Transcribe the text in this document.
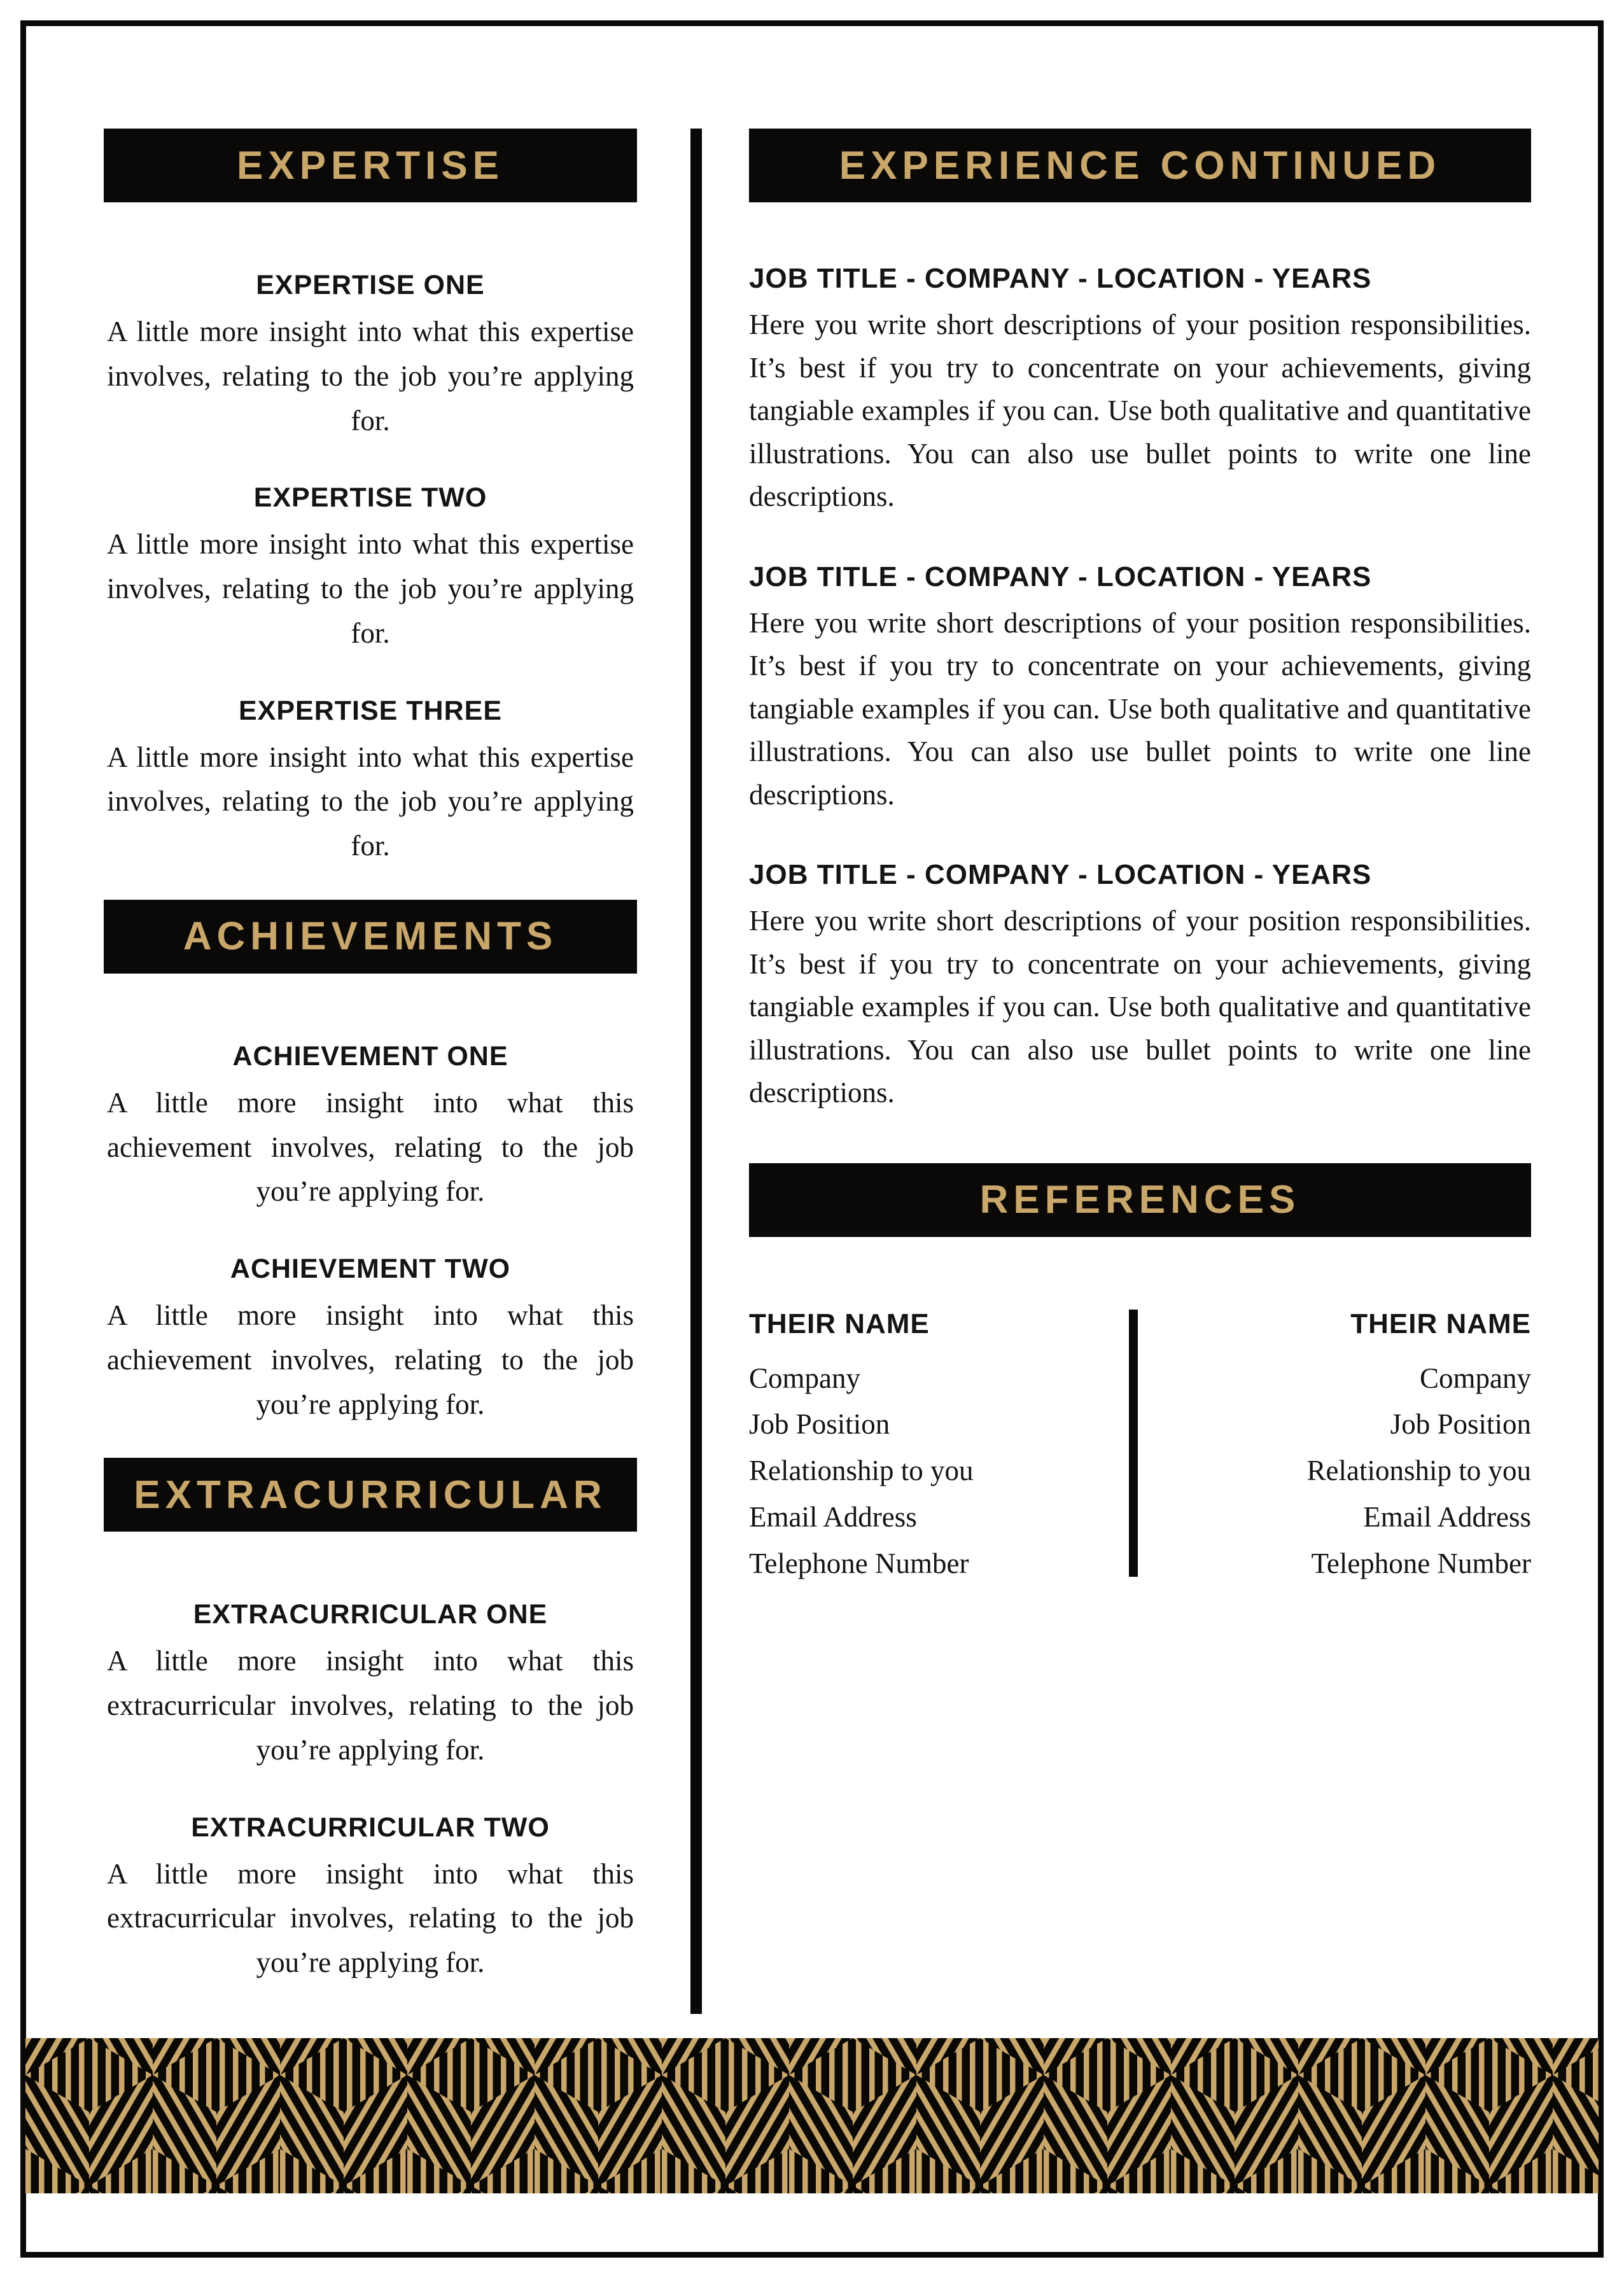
EXPERTISE
EXPERTISE ONE

A little more insight into what this expertise involves, relating to the job you’re applying for.

EXPERTISE TWO

A little more insight into what this expertise involves, relating to the job you’re applying for.

EXPERTISE THREE

A little more insight into what this expertise involves, relating to the job you’re applying for.

ACHIEVEMENTS
ACHIEVEMENT ONE

A little more insight into what this achievement involves, relating to the job you’re applying for.

ACHIEVEMENT TWO

A little more insight into what this achievement involves, relating to the job you’re applying for.

EXTRACURRICULAR
EXTRACURRICULAR ONE

A little more insight into what this extracurricular involves, relating to the job you’re applying for.

EXTRACURRICULAR TWO

A little more insight into what this extracurricular involves, relating to the job you’re applying for.

EXPERIENCE CONTINUED
JOB TITLE - COMPANY - LOCATION - YEARS

Here you write short descriptions of your position responsibilities. It’s best if you try to concentrate on your achievements, giving tangiable examples if you can. Use both qualitative and quantitative illustrations. You can also use bullet points to write one line descriptions.

JOB TITLE - COMPANY - LOCATION - YEARS

Here you write short descriptions of your position responsibilities. It’s best if you try to concentrate on your achievements, giving tangiable examples if you can. Use both qualitative and quantitative illustrations. You can also use bullet points to write one line descriptions.

JOB TITLE - COMPANY - LOCATION - YEARS

Here you write short descriptions of your position responsibilities. It’s best if you try to concentrate on your achievements, giving tangiable examples if you can. Use both qualitative and quantitative illustrations. You can also use bullet points to write one line descriptions.

REFERENCES
THEIR NAME
Company
Job Position
Relationship to you
Email Address
Telephone Number
THEIR NAME
Company
Job Position
Relationship to you
Email Address
Telephone Number
